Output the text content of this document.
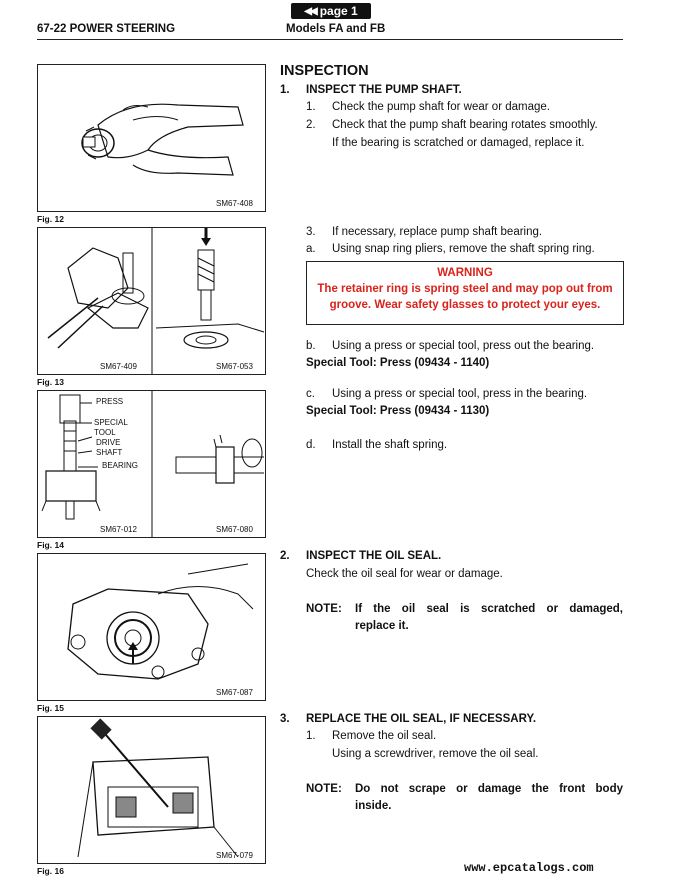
◀◀ page 1
67-22 POWER STEERING	Models FA and FB
SM67-408
Fig. 12
SM67-409	SM67-053
Fig. 13
PRESS
SPECIAL
TOOL
DRIVE
SHAFT
BEARING
SM67-012	SM67-080
Fig. 14
SM67-087
Fig. 15
SM67-079
Fig. 16
INSPECTION
1. INSPECT THE PUMP SHAFT.
1. Check the pump shaft for wear or damage.
2. Check that the pump shaft bearing rotates smoothly.
If the bearing is scratched or damaged, replace it.
3. If necessary, replace pump shaft bearing.
a. Using snap ring pliers, remove the shaft spring ring.
WARNING
The retainer ring is spring steel and may pop out from
groove. Wear safety glasses to protect your eyes.
b. Using a press or special tool, press out the bearing.
Special Tool: Press (09434 - 1140)
c. Using a press or special tool, press in the bearing.
Special Tool: Press (09434 - 1130)
d. Install the shaft spring.
2. INSPECT THE OIL SEAL.
Check the oil seal for wear or damage.
NOTE: If the oil seal is scratched or damaged,
replace it.
3. REPLACE THE OIL SEAL, IF NECESSARY.
1. Remove the oil seal.
Using a screwdriver, remove the oil seal.
NOTE: Do not scrape or damage the front body
inside.
www.epcatalogs.com
